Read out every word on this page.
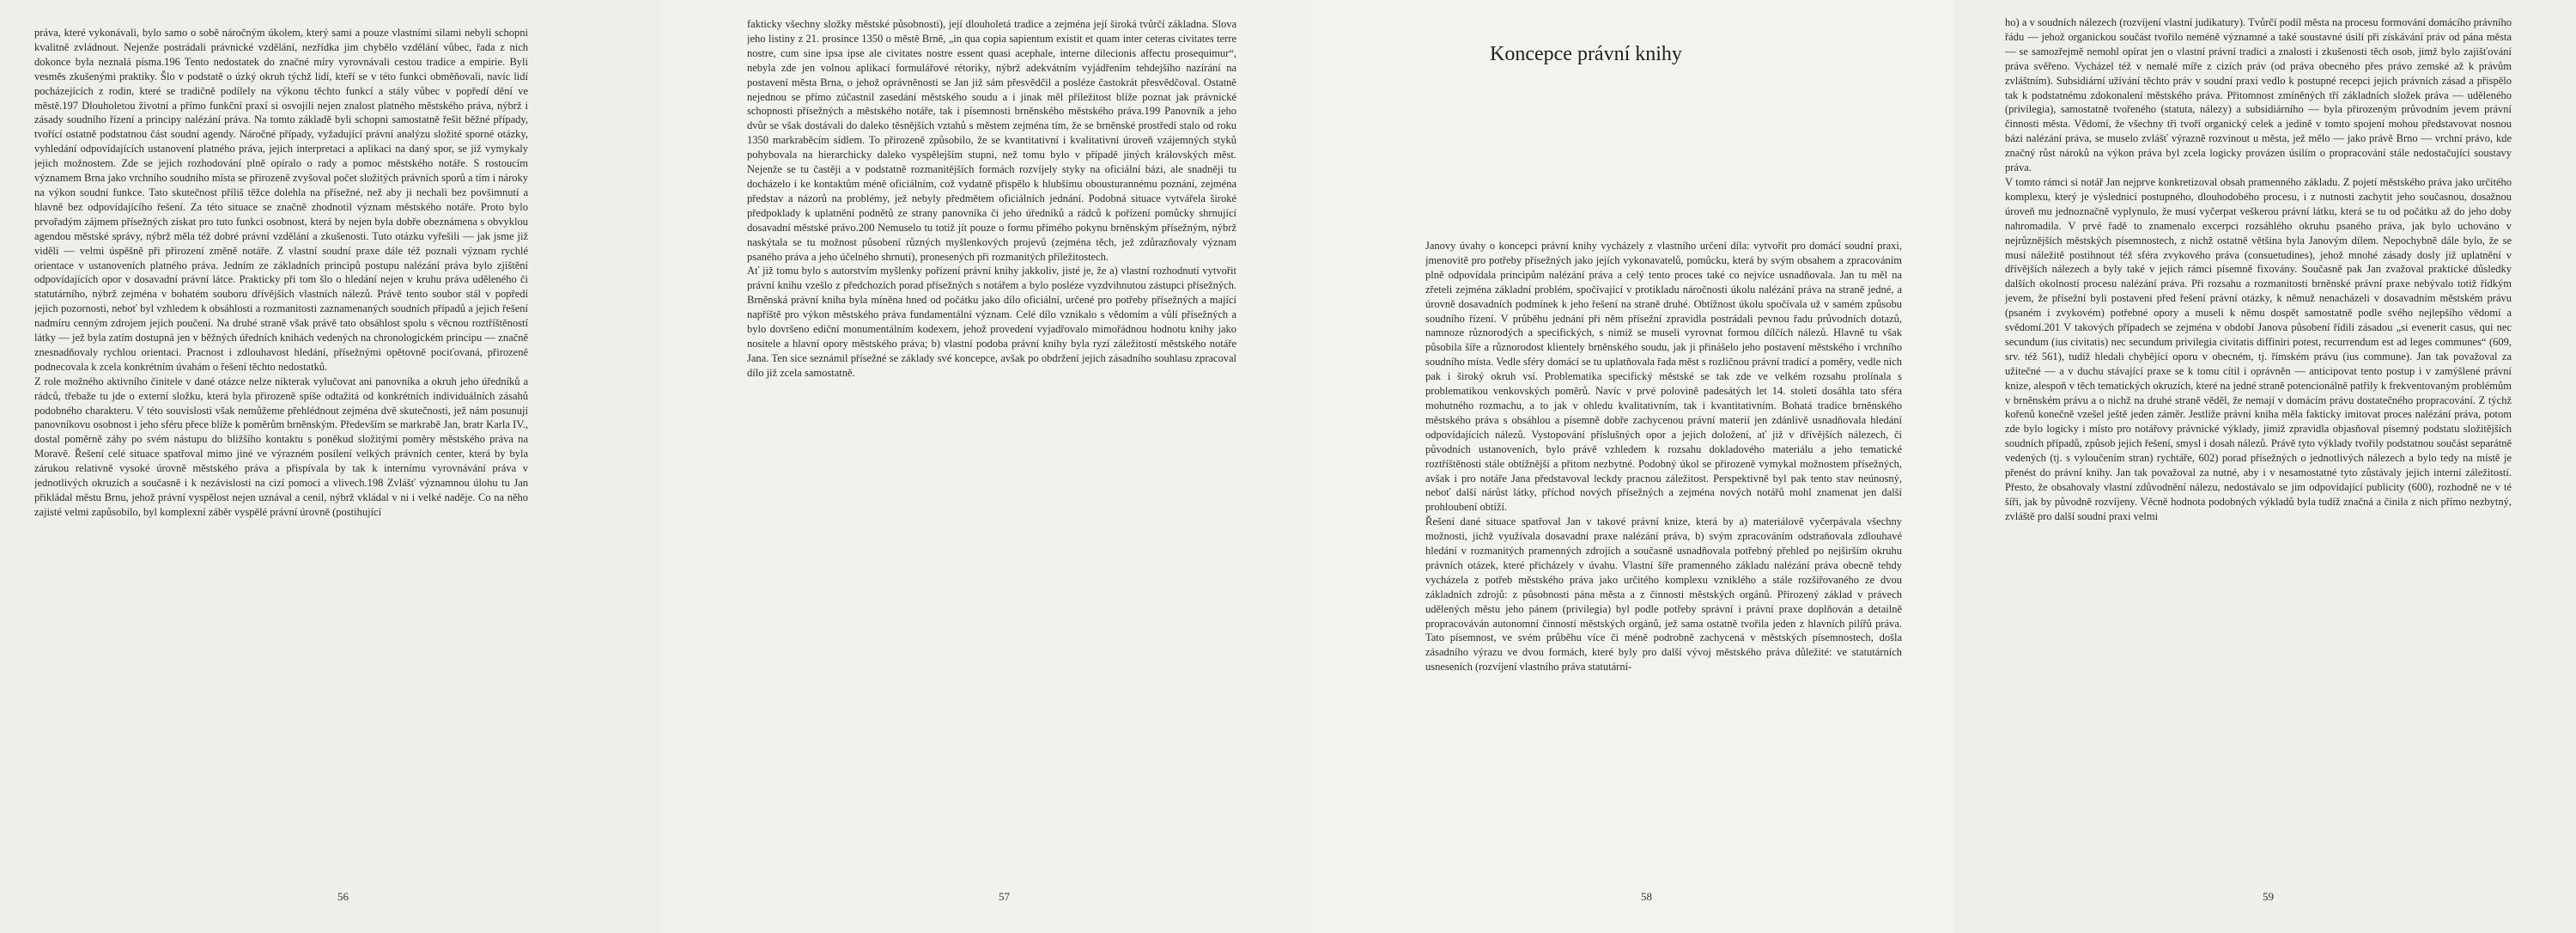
práva, které vykonávali, bylo samo o sobě náročným úkolem, který sami a pouze vlastními silami nebyli schopni kvalitně zvládnout. Nejenže postrádali právnické vzdělání, nezřídka jim chybělo vzdělání vůbec, řada z nich dokonce byla neznalá písma.196 Tento nedostatek do značné míry vyrovnávali cestou tradice a empirie. Byli vesměs zkušenými praktiky. Šlo v podstatě o úzký okruh týchž lidí, kteří se v této funkci obměňovali, navíc lidí pocházejících z rodin, které se tradičně podílely na výkonu těchto funkcí a stály vůbec v popředí dění ve městě.197 Dlouholetou životní a přímo funkční praxí si osvojili nejen znalost platného městského práva, nýbrž i zásady soudního řízení a principy nalézání práva. Na tomto základě byli schopni samostatně řešit běžné případy, tvořící ostatně podstatnou část soudní agendy. Náročné případy, vyžadující právní analýzu složité sporné otázky, vyhledání odpovídajících ustanovení platného práva, jejich interpretaci a aplikaci na daný spor, se již vymykaly jejich možnostem. Zde se jejich rozhodování plně opíralo o rady a pomoc městského notáře. S rostoucím významem Brna jako vrchního soudního místa se přirozeně zvyšoval počet složitých právních sporů a tím i nároky na výkon soudní funkce. Tato skutečnost příliš těžce dolehla na přísežné, než aby ji nechali bez povšimnutí a hlavně bez odpovídajícího řešení. Za této situace se značně zhodnotil význam městského notáře. Proto bylo prvořadým zájmem přísežných získat pro tuto funkci osobnost, která by nejen byla dobře obeznámena s obvyklou agendou městské správy, nýbrž měla též dobré právní vzdělání a zkušenosti. Tuto otázku vyřešili — jak jsme již viděli — velmi úspěšně při přirození změně notáře. Z vlastní soudní praxe dále též poznali význam rychlé orientace v ustanoveních platného práva. Jedním ze základních principů postupu nalézání práva bylo zjištění odpovídajících opor v dosavadní právní látce. Prakticky při tom šlo o hledání nejen v kruhu práva uděleného či statutárního, nýbrž zejména v bohatém souboru dřívějších vlastních nálezů. Právě tento soubor stál v popředí jejich pozornosti, neboť byl vzhledem k obsáhlosti a rozmanitosti zaznamenaných soudních případů a jejich řešení nadmíru cenným zdrojem jejich poučení. Na druhé straně však právě tato obsáhlost spolu s věcnou roztříštěností látky — jež byla zatím dostupná jen v běžných úředních knihách vedených na chronologickém principu — značně znesnadňovaly rychlou orientaci. Pracnost i zdlouhavost hledání, přísežnými opětovně pociťovaná, přirozeně podnecovala k zcela konkrétním úvahám o řešení těchto nedostatků.
Z role možného aktivního činitele v dané otázce nelze nikterak vylučovat ani panovníka a okruh jeho úředníků a rádců, třebaže tu jde o externí složku, která byla přirozeně spíše odtažitá od konkrétních individuálních zásahů podobného charakteru. V této souvislosti však nemůžeme přehlédnout zejména dvě skutečnosti, jež nám posunují panovníkovu osobnost i jeho sféru přece blíže k poměrům brněnským. Především se markrabě Jan, bratr Karla IV., dostal poměrně záhy po svém nástupu do bližšího kontaktu s poněkud složitými poměry městského práva na Moravě. Řešení celé situace spatřoval mimo jiné ve výrazném posílení velkých právních center, která by byla zárukou relativně vysoké úrovně městského práva a přispívala by tak k internímu vyrovnávání práva v jednotlivých okruzích a současně i k nezávislosti na cizí pomoci a vlivech.198 Zvlášť významnou úlohu tu Jan přikládal městu Brnu, jehož právní vyspělost nejen uznával a cenil, nýbrž vkládal v ni i velké naděje. Co na něho zajisté velmi zapůsobilo, byl komplexní záběr vyspělé právní úrovně (postihující
fakticky všechny složky městské působnosti), její dlouholetá tradice a zejména její široká tvůrčí základna. Slova jeho listiny z 21. prosince 1350 o městě Brně, „in qua copia sapientum existit et quam inter ceteras civitates terre nostre, cum sine ipsa ipse ale civitates nostre essent quasi acephale, interne dilecionis affectu prosequimur“, nebyla zde jen volnou aplikací formulářové rétoriky, nýbrž adekvátním vyjádřením tehdejšího nazírání na postavení města Brna, o jehož oprávněnosti se Jan již sám přesvědčil a posléze častokrát přesvědčoval. Ostatně nejednou se přímo zúčastnil zasedání městského soudu a i jinak měl příležitost blíže poznat jak právnické schopnosti přísežných a městského notáře, tak i písemnosti brněnského městského práva.199 Panovník a jeho dvůr se však dostávali do daleko těsnějších vztahů s městem zejména tím, že se brněnské prostředí stalo od roku 1350 markraběcím sídlem. To přirozeně způsobilo, že se kvantitativní i kvalitativní úroveň vzájemných styků pohybovala na hierarchicky daleko vyspělejším stupni, než tomu bylo v případě jiných královských měst. Nejenže se tu častěji a v podstatně rozmanitějších formách rozvíjely styky na oficiální bázi, ale snadněji tu docházelo i ke kontaktům méně oficiálním, což vydatně přispělo k hlubšímu obousturannému poznání, zejména představ a názorů na problémy, jež nebyly předmětem oficiálních jednání. Podobná situace vytvářela široké předpoklady k uplatnění podnětů ze strany panovníka či jeho úředníků a rádců k pořízení pomůcky shrnující dosavadní městské právo.200 Nemuselo tu totiž jít pouze o formu přímého pokynu brněnským přísežným, nýbrž naskýtala se tu možnost působení různých myšlenkových projevů (zejména těch, jež zdůrazňovaly význam psaného práva a jeho účelného shrnutí), pronesených při rozmanitých příležitostech.
Ať již tomu bylo s autorstvím myšlenky pořízení právní knihy jakkoliv, jisté je, že a) vlastní rozhodnutí vytvořit právní knihu vzešlo z předchozích porad přísežných s notářem a bylo posléze vyzdvihnutou zástupci přísežných. Brněnská právní kniha byla míněna hned od počátku jako dílo oficiální, určené pro potřeby přísežných a mající napříště pro výkon městského práva fundamentální význam. Celé dílo vznikalo s vědomím a vůlí přísežných a bylo dovršeno ediční monumentálním kodexem, jehož provedení vyjadřovalo mimořádnou hodnotu knihy jako nositele a hlavní opory městského práva; b) vlastní podoba právní knihy byla ryzí záležitostí městského notáře Jana. Ten sice seznámil přísežné se základy své koncepce, avšak po obdržení jejich zásadního souhlasu zpracoval dílo již zcela samostatně.
Janovy úvahy o koncepci právní knihy vycházely z vlastního určení díla: vytvořit pro domácí soudní praxi, jmenovitě pro potřeby přísežných jako jejích vykonavatelů, pomůcku, která by svým obsahem a zpracováním plně odpovídala principům nalézání práva a celý tento proces také co nejvíce usnadňovala. Jan tu měl na zřeteli zejména základní problém, spočívající v protikladu náročnosti úkolu nalézání práva na straně jedné, a úrovně dosavadních podmínek k jeho řešení na straně druhé. Obtížnost úkolu spočívala už v samém způsobu soudního řízení. V průběhu jednání při něm přísežní zpravidla postrádali pevnou řadu průvodních dotazů, namnoze různorodých a specifických, s nimiž se museli vyrovnat formou dílčích nálezů. Hlavně tu však působila šíře a různorodost klientely brněnského soudu, jak ji přinášelo jeho postavení městského i vrchního soudního místa. Vedle sféry domácí se tu uplatňovala řada měst s rozličnou právní tradicí a poměry, vedle nich pak i široký okruh vsí. Problematika specifický městské se tak zde ve velkém rozsahu prolínala s problematikou venkovských poměrů. Navíc v prvé polovině padesátých let 14. století dosáhla tato sféra mohutného rozmachu, a to jak v ohledu kvalitativním, tak i kvantitativním. Bohatá tradice brněnského městského práva s obsáhlou a písemně dobře zachycenou právní materií jen zdánlivě usnadňovala hledání odpovídajících nálezů. Vystopování příslušných opor a jejich doložení, ať již v dřívějších nálezech, či původních ustanoveních, bylo právě vzhledem k rozsahu dokladového materiálu a jeho tematické roztříštěnosti stále obtížnější a přitom nezbytné. Podobný úkol se přirozeně vymykal možnostem přísežných, avšak i pro notáře Jana představoval leckdy pracnou záležitost. Perspektivně byl pak tento stav neúnosný, neboť další nárůst látky, příchod nových přísežných a zejména nových notářů mohl znamenat jen další prohloubení obtíží.
Řešení dané situace spatřoval Jan v takové právní knize, která by a) materiálově vyčerpávala všechny možnosti, jichž využívala dosavadní praxe nalézání práva, b) svým zpracováním odstraňovala zdlouhavé hledání v rozmanitých pramenných zdrojích a současně usnadňovala potřebný přehled po nejširším okruhu právních otázek, které přicházely v úvahu. Vlastní šíře pramenného základu nalézání práva obecně tehdy vycházela z potřeb městského práva jako určitého komplexu vzniklého a stále rozšiřovaného ze dvou základních zdrojů: z působnosti pána města a z činnosti městských orgánů. Přirozený základ v právech udělených městu jeho pánem (privilegia) byl podle potřeby správní i právní praxe doplňován a detailně propracováván autonomní činností městských orgánů, jež sama ostatně tvořila jeden z hlavních pilířů práva. Tato písemnost, ve svém průběhu více či méně podrobně zachycená v městských písemnostech, došla zásadního výrazu ve dvou formách, které byly pro další vývoj městského práva důležité: ve statutárních usneseních (rozvíjení vlastního práva statutární-
ho) a v soudních nálezech (rozvíjení vlastní judikatury). Tvůrčí podíl města na procesu formování domácího právního řádu — jehož organickou součást tvořilo neméně významné a také soustavné úsilí při získávání práv od pána města — se samozřejmě nemohl opírat jen o vlastní právní tradici a znalosti i zkušenosti těch osob, jimž bylo zajišťování práva svěřeno. Vycházel též v nemalé míře z cizích práv (od práva obecného přes právo zemské až k právům zvláštním). Subsidiární užívání těchto práv v soudní praxi vedlo k postupné recepci jejich právních zásad a přispělo tak k podstatnému zdokonalení městského práva. Přitomnost zmíněných tří základních složek práva — uděleného (privilegia), samostatně tvořeného (statuta, nálezy) a subsidiárního — byla přirozeným průvodním jevem právní činnosti města. Vědomí, že všechny tři tvoří organický celek a jedině v tomto spojení mohou představovat nosnou bázi nalézání práva, se muselo zvlášť výrazně rozvinout u města, jež mělo — jako právě Brno — vrchní právo, kde značný růst nároků na výkon práva byl zcela logicky provázen úsilím o propracování stále nedostačující soustavy práva.
V tomto rámci si notář Jan nejprve konkretizoval obsah pramenného základu. Z pojetí městského práva jako určitého komplexu, který je výslednicí postupného, dlouhodobého procesu, i z nutnosti zachytit jeho současnou, dosažnou úroveň mu jednoznačně vyplynulo, že musí vyčerpat veškerou právní látku, která se tu od počátku až do jeho doby nahromadila. V prvé řadě to znamenalo excerpci rozsáhlého okruhu psaného práva, jak bylo uchováno v nejrůznějších městských písemnostech, z nichž ostatně většina byla Janovým dílem. Nepochybně dále bylo, že se musí náležitě postihnout též sféra zvykového práva (consuetudines), jehož mnohé zásady dosly již uplatnění v dřívějších nálezech a byly také v jejich rámci písemně fixovány. Současně pak Jan zvažoval praktické důsledky dalších okolností procesu nalézání práva. Při rozsahu a rozmanitosti brněnské právní praxe nebývalo totiž řídkým jevem, že přísežní byli postaveni před řešení právní otázky, k němuž nenacházeli v dosavadním městském právu (psaném i zvykovém) potřebné opory a museli k němu dospět samostatně podle svého nejlepšího vědomí a svědomí.201 V takových případech se zejména v období Janova působení řídili zásadou „si evenerit casus, qui nec secundum (ius civitatis) nec secundum privilegia civitatis diffiniri potest, recurrendum est ad leges communes“ (609, srv. též 561), tudíž hledali chybějící oporu v obecném, tj. římském právu (ius commune). Jan tak považoval za užitečné — a v duchu stávající praxe se k tomu cítil i oprávněn — anticipovat tento postup i v zamýšlené právní knize, alespoň v těch tematických okruzích, které na jedné straně potencionálně patřily k frekventovaným problémům v brněnském právu a o nichž na druhé straně věděl, že nemají v domácím právu dostatečného propracování. Z týchž kořenů konečně vzešel ještě jeden záměr. Jestliže právní kniha měla fakticky imitovat proces nalézání práva, potom zde bylo logicky i místo pro notářovy právnické výklady, jimiž zpravidla objasňoval písemný podstatu složitějších soudních případů, způsob jejich řešení, smysl i dosah nálezů. Právě tyto výklady tvořily podstatnou součást separátně vedených (tj. s vyloučením stran) rychtáře, 602) porad přísežných o jednotlivých nálezech a bylo tedy na místě je přenést do právní knihy. Jan tak považoval za nutné, aby i v nesamostatné tyto zůstávaly jejich interní záležitostí. Přesto, že obsahovaly vlastní zdůvodnění nálezu, nedostávalo se jim odpovídající publicity (600), rozhodně ne v té šíři, jak by původně rozvíjeny. Věcně hodnota podobných výkladů byla tudíž značná a činila z nich přímo nezbytný, zvláště pro další soudní praxi velmi
Koncepce právní knihy
56	57	58	59
